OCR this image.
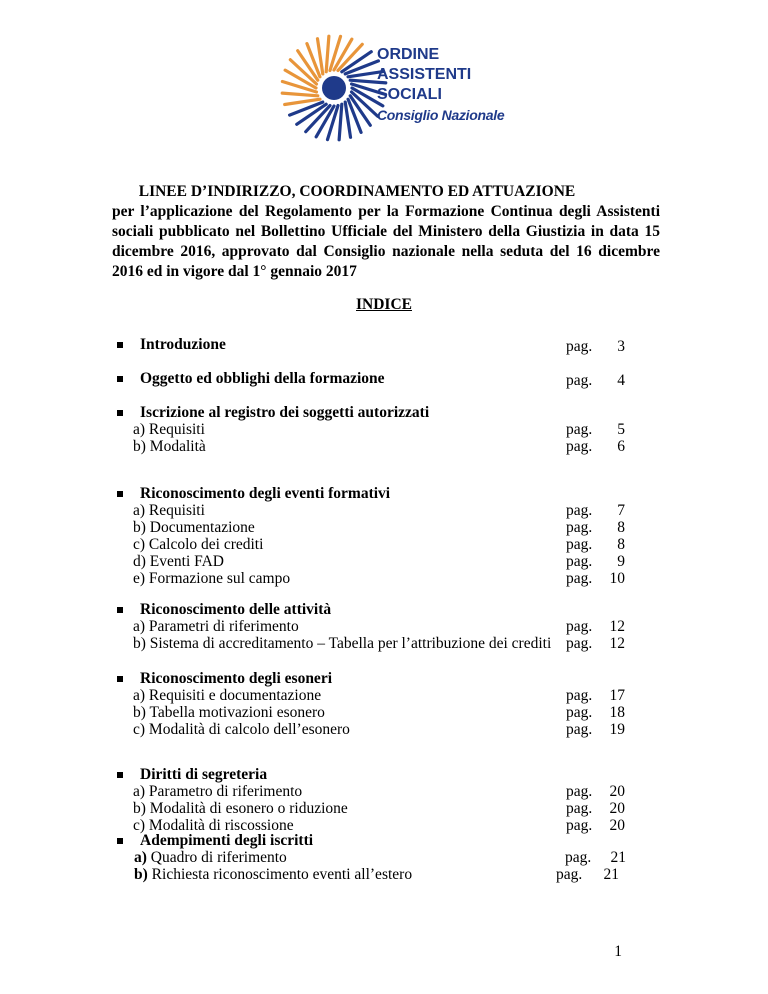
ORDINE
ASSISTENTI
SOCIALI
Consiglio Nazionale
LINEE D’INDIRIZZO, COORDINAMENTO ED ATTUAZIONE
per l’applicazione del Regolamento per la Formazione Continua degli Assistenti sociali pubblicato nel Bollettino Ufficiale del Ministero della Giustizia in data 15 dicembre 2016, approvato dal Consiglio nazionale nella seduta del 16 dicembre 2016 ed in vigore dal 1° gennaio 2017
INDICE
Introduzione	pag. 3
Oggetto ed obblighi della formazione	pag. 4
Iscrizione al registro dei soggetti autorizzati
a) Requisiti	pag. 5
b) Modalità	pag. 6
Riconoscimento degli eventi formativi
a) Requisiti	pag. 7
b) Documentazione	pag. 8
c) Calcolo dei crediti	pag. 8
d) Eventi FAD	pag. 9
e) Formazione sul campo	pag. 10
Riconoscimento delle attività
a) Parametri di riferimento	pag. 12
b) Sistema di accreditamento – Tabella per l’attribuzione dei crediti pag. 12
Riconoscimento degli esoneri
a) Requisiti e documentazione	pag. 17
b) Tabella motivazioni esonero	pag. 18
c) Modalità di calcolo dell’esonero	pag. 19
Diritti di segreteria
a) Parametro di riferimento	pag. 20
b) Modalità di esonero o riduzione	pag. 20
c) Modalità di riscossione	pag. 20
Adempimenti degli iscritti
a) Quadro di riferimento	pag. 21
b) Richiesta riconoscimento eventi all’estero	pag. 21
1
